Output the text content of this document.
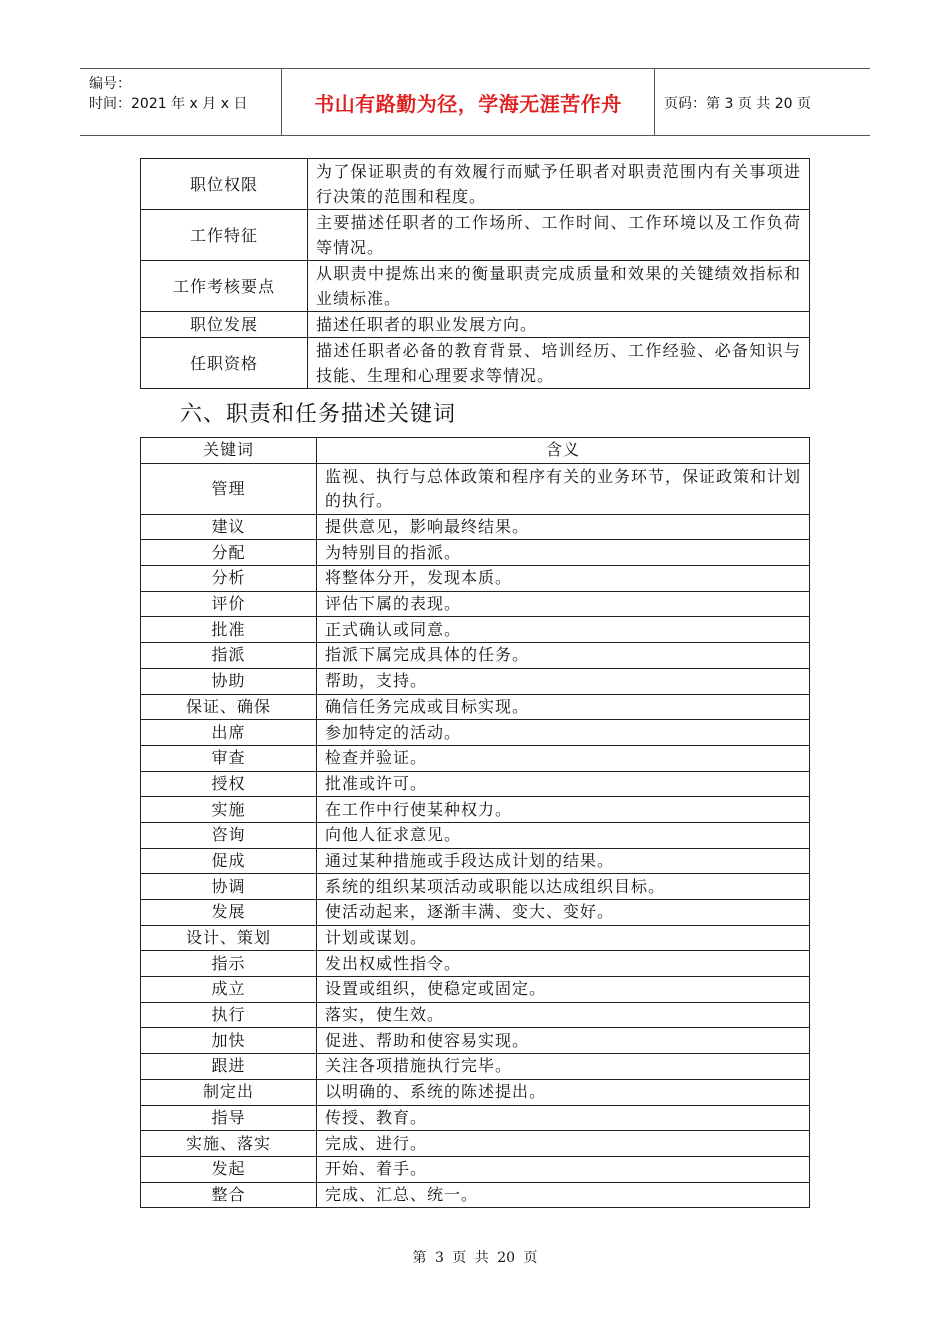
编号：
时间：2021 年 x 月 x 日	书山有路勤为径，学海无涯苦作舟	页码：第 3 页 共 20 页
职位权限	为了保证职责的有效履行而赋予任职者对职责范围内有关事项进行决策的范围和程度。
工作特征	主要描述任职者的工作场所、工作时间、工作环境以及工作负荷等情况。
工作考核要点	从职责中提炼出来的衡量职责完成质量和效果的关键绩效指标和业绩标准。
职位发展	描述任职者的职业发展方向。
任职资格	描述任职者必备的教育背景、培训经历、工作经验、必备知识与技能、生理和心理要求等情况。
六、职责和任务描述关键词
关键词	含义
管理	监视、执行与总体政策和程序有关的业务环节，保证政策和计划的执行。
建议	提供意见，影响最终结果。
分配	为特别目的指派。
分析	将整体分开，发现本质。
评价	评估下属的表现。
批准	正式确认或同意。
指派	指派下属完成具体的任务。
协助	帮助，支持。
保证、确保	确信任务完成或目标实现。
出席	参加特定的活动。
审查	检查并验证。
授权	批准或许可。
实施	在工作中行使某种权力。
咨询	向他人征求意见。
促成	通过某种措施或手段达成计划的结果。
协调	系统的组织某项活动或职能以达成组织目标。
发展	使活动起来，逐渐丰满、变大、变好。
设计、策划	计划或谋划。
指示	发出权威性指令。
成立	设置或组织，使稳定或固定。
执行	落实，使生效。
加快	促进、帮助和使容易实现。
跟进	关注各项措施执行完毕。
制定出	以明确的、系统的陈述提出。
指导	传授、教育。
实施、落实	完成、进行。
发起	开始、着手。
整合	完成、汇总、统一。
第 3 页 共 20 页
